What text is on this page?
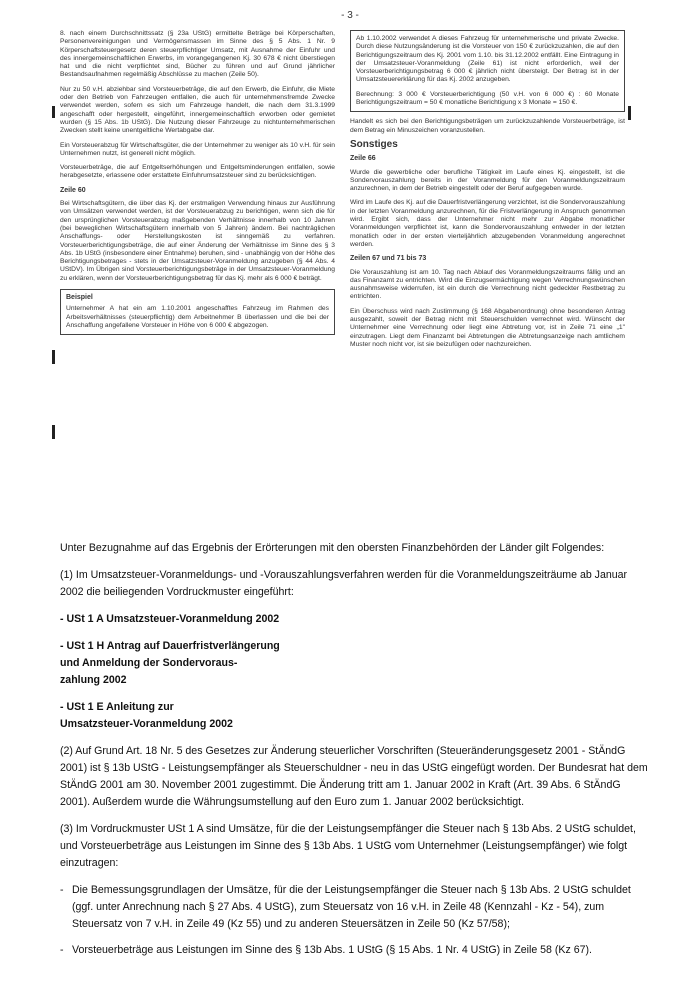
- 3 -

8. nach einem Durchschnittssatz (§ 23a UStG) ermittelte Beträge bei Körperschaften, Personenvereinigungen und Vermögensmassen im Sinne des § 5 Abs. 1 Nr. 9 Körperschaftsteuergesetz deren steuerpflichtiger Umsatz, mit Ausnahme der Einfuhr und des innergemeinschaftlichen Erwerbs, im vorangegangenen Kj. 30 678 € nicht überstiegen hat und die nicht verpflichtet sind, Bücher zu führen und auf Grund jährlicher Bestandsaufnahmen regelmäßig Abschlüsse zu machen (Zeile 50).

Nur zu 50 v.H. abziehbar sind Vorsteuerbeträge, die auf den Erwerb, die Einfuhr, die Miete oder den Betrieb von Fahrzeugen entfallen, die auch für unternehmensfremde Zwecke verwendet werden, sofern es sich um Fahrzeuge handelt, die nach dem 31.3.1999 angeschafft oder hergestellt, eingeführt, innergemeinschaftlich erworben oder gemietet wurden (§ 15 Abs. 1b UStG). Die Nutzung dieser Fahrzeuge zu nichtunternehmerischen Zwecken stellt keine unentgeltliche Wertabgabe dar.

Ein Vorsteuerabzug für Wirtschaftsgüter, die der Unternehmer zu weniger als 10 v.H. für sein Unternehmen nutzt, ist generell nicht möglich.

Vorsteuerbeträge, die auf Entgeltserhöhungen und Entgeltsminderungen entfallen, sowie herabgesetzte, erlassene oder erstattete Einfuhrumsatzsteuer sind zu berücksichtigen.

Zeile 60

Bei Wirtschaftsgütern, die über das Kj. der erstmaligen Verwendung hinaus zur Ausführung von Umsätzen verwendet werden, ist der Vorsteuerabzug zu berichtigen, wenn sich die für den ursprünglichen Vorsteuerabzug maßgebenden Verhältnisse innerhalb von 10 Jahren (bei beweglichen Wirtschaftsgütern innerhalb von 5 Jahren) ändern. Bei nachträglichen Anschaffungs- oder Herstellungskosten ist sinngemäß zu verfahren. Vorsteuerberichtigungsbeträge, die auf einer Änderung der Verhältnisse im Sinne des § 3 Abs. 1b UStG (insbesondere einer Entnahme) beruhen, sind - unabhängig von der Höhe des Berichtigungsbetrages - stets in der Umsatzsteuer-Voranmeldung anzugeben (§ 44 Abs. 4 UStDV). Im Übrigen sind Vorsteuerberichtigungsbeträge in der Umsatzsteuer-Voranmeldung zu erklären, wenn der Vorsteuerberichtigungsbetrag für das Kj. mehr als 6 000 € beträgt.

Beispiel
Unternehmer A hat ein am 1.10.2001 angeschafftes Fahrzeug im Rahmen des Arbeitsverhältnisses (steuerpflichtig) dem Arbeitnehmer B überlassen und die bei der Anschaffung angefallene Vorsteuer in Höhe von 6 000 € abgezogen.

Ab 1.10.2002 verwendet A dieses Fahrzeug für unternehmerische und private Zwecke. Durch diese Nutzungsänderung ist die Vorsteuer von 150 € zurückzuzahlen, die auf den Berichtigungszeitraum des Kj. 2001 vom 1.10. bis 31.12.2002 entfällt. Eine Eintragung in der Umsatzsteuer-Voranmeldung (Zeile 61) ist nicht erforderlich, weil der Vorsteuerberichtigungsbetrag 6 000 € jährlich nicht übersteigt. Der Betrag ist in der Umsatzsteuererklärung für das Kj. 2002 anzugeben.

Berechnung: 3 000 € Vorsteuerberichtigung (50 v.H. von 6 000 €) : 60 Monate Berichtigungszeitraum = 50 € monatliche Berichtigung x 3 Monate = 150 €.

Handelt es sich bei den Berichtigungsbeträgen um zurückzuzahlende Vorsteuerbeträge, ist dem Betrag ein Minuszeichen voranzustellen.

Sonstiges
Zeile 66

Wurde die gewerbliche oder berufliche Tätigkeit im Laufe eines Kj. eingestellt, ist die Sondervorauszahlung bereits in der Voranmeldung für den Voranmeldungszeitraum anzurechnen, in dem der Betrieb eingestellt oder der Beruf aufgegeben wurde.

Wird im Laufe des Kj. auf die Dauerfristverlängerung verzichtet, ist die Sondervorauszahlung in der letzten Voranmeldung anzurechnen, für die Fristverlängerung in Anspruch genommen wird. Ergibt sich, dass der Unternehmer nicht mehr zur Abgabe monatlicher Voranmeldungen verpflichtet ist, kann die Sondervorauszahlung entweder in der letzten monatlich oder in der ersten vierteljährlich abzugebenden Voranmeldung angerechnet werden.

Zeilen 67 und 71 bis 73

Die Vorauszahlung ist am 10. Tag nach Ablauf des Voranmeldungszeitraums fällig und an das Finanzamt zu entrichten. Wird die Einzugsermächtigung wegen Verrechnungswünschen ausnahmsweise widerrufen, ist ein durch die Verrechnung nicht gedeckter Restbetrag zu entrichten.

Ein Überschuss wird nach Zustimmung (§ 168 Abgabenordnung) ohne besonderen Antrag ausgezahlt, soweit der Betrag nicht mit Steuerschulden verrechnet wird. Wünscht der Unternehmer eine Verrechnung oder liegt eine Abtretung vor, ist in Zeile 71 eine „1" einzutragen. Liegt dem Finanzamt bei Abtretungen die Abtretungsanzeige nach amtlichem Muster noch nicht vor, ist sie beizufügen oder nachzureichen.

Unter Bezugnahme auf das Ergebnis der Erörterungen mit den obersten Finanzbehörden der Länder gilt Folgendes:

(1) Im Umsatzsteuer-Voranmeldungs- und -Vorauszahlungsverfahren werden für die Voranmeldungszeiträume ab Januar 2002 die beiliegenden Vordruckmuster eingeführt:

- USt 1 A Umsatzsteuer-Voranmeldung 2002
- USt 1 H Antrag auf Dauerfristverlängerung
und Anmeldung der Sondervoraus-
zahlung 2002
- USt 1 E Anleitung zur
Umsatzsteuer-Voranmeldung 2002

(2) Auf Grund Art. 18 Nr. 5 des Gesetzes zur Änderung steuerlicher Vorschriften (Steueränderungsgesetz 2001 - StÄndG 2001) ist § 13b UStG - Leistungsempfänger als Steuerschuldner - neu in das UStG eingefügt worden. Der Bundesrat hat dem StÄndG 2001 am 30. November 2001 zugestimmt. Die Änderung tritt am 1. Januar 2002 in Kraft (Art. 39 Abs. 6 StÄndG 2001). Außerdem wurde die Währungsumstellung auf den Euro zum 1. Januar 2002 berücksichtigt.

(3) Im Vordruckmuster USt 1 A sind Umsätze, für die der Leistungsempfänger die Steuer nach § 13b Abs. 2 UStG schuldet, und Vorsteuerbeträge aus Leistungen im Sinne des § 13b Abs. 1 UStG vom Unternehmer (Leistungsempfänger) wie folgt einzutragen:

- Die Bemessungsgrundlagen der Umsätze, für die der Leistungsempfänger die Steuer nach § 13b Abs. 2 UStG schuldet (ggf. unter Anrechnung nach § 27 Abs. 4 UStG), zum Steuersatz von 16 v.H. in Zeile 48 (Kennzahl - Kz - 54), zum Steuersatz von 7 v.H. in Zeile 49 (Kz 55) und zu anderen Steuersätzen in Zeile 50 (Kz 57/58);
- Vorsteuerbeträge aus Leistungen im Sinne des § 13b Abs. 1 UStG (§ 15 Abs. 1 Nr. 4 UStG) in Zeile 58 (Kz 67).
